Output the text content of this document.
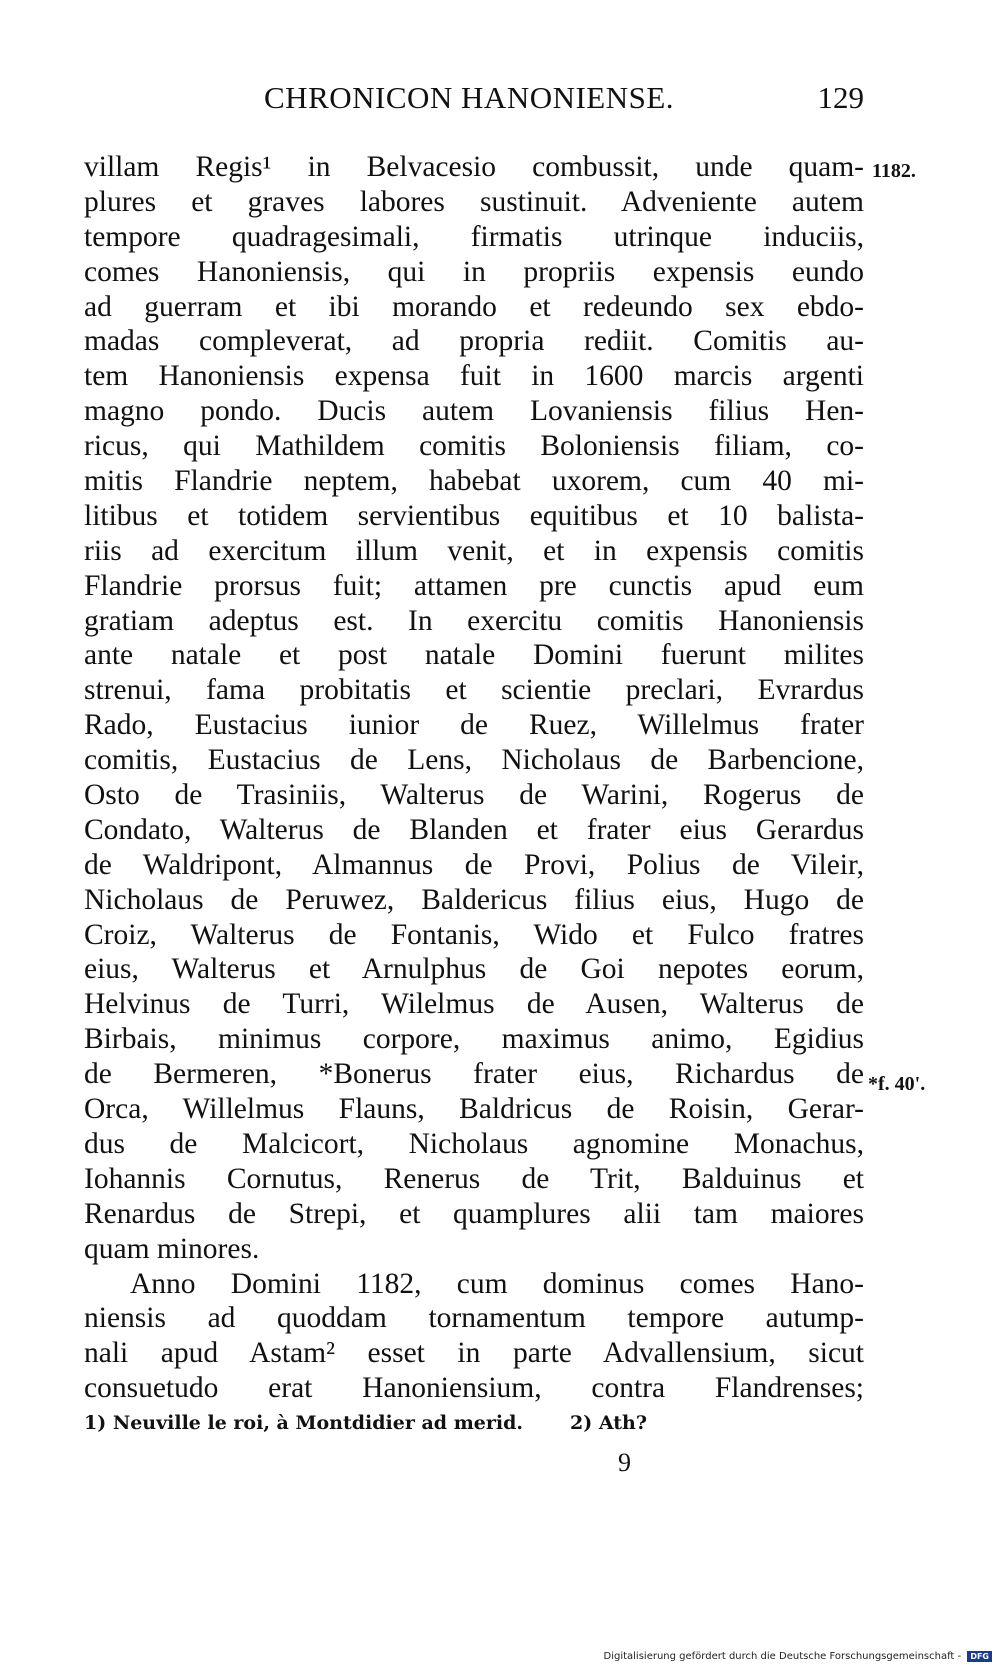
CHRONICON HANONIENSE.	129
villam Regis¹ in Belvacesio combussit, unde quam-
plures et graves labores sustinuit. Adveniente autem
tempore quadragesimali, firmatis utrinque induciis,
comes Hanoniensis, qui in propriis expensis eundo
ad guerram et ibi morando et redeundo sex ebdo-
madas compleverat, ad propria rediit. Comitis au-
tem Hanoniensis expensa fuit in 1600 marcis argenti
magno pondo. Ducis autem Lovaniensis filius Hen-
ricus, qui Mathildem comitis Boloniensis filiam, co-
mitis Flandrie neptem, habebat uxorem, cum 40 mi-
litibus et totidem servientibus equitibus et 10 balista-
riis ad exercitum illum venit, et in expensis comitis
Flandrie prorsus fuit; attamen pre cunctis apud eum
gratiam adeptus est. In exercitu comitis Hanoniensis
ante natale et post natale Domini fuerunt milites
strenui, fama probitatis et scientie preclari, Evrardus
Rado, Eustacius iunior de Ruez, Willelmus frater
comitis, Eustacius de Lens, Nicholaus de Barbencione,
Osto de Trasiniis, Walterus de Warini, Rogerus de
Condato, Walterus de Blanden et frater eius Gerardus
de Waldripont, Almannus de Provi, Polius de Vileir,
Nicholaus de Peruwez, Baldericus filius eius, Hugo de
Croiz, Walterus de Fontanis, Wido et Fulco fratres
eius, Walterus et Arnulphus de Goi nepotes eorum,
Helvinus de Turri, Wilelmus de Ausen, Walterus de
Birbais, minimus corpore, maximus animo, Egidius
de Bermeren, *Bonerus frater eius, Richardus de
Orca, Willelmus Flauns, Baldricus de Roisin, Gerar-
dus de Malcicort, Nicholaus agnomine Monachus,
Iohannis Cornutus, Renerus de Trit, Balduinus et
Renardus de Strepi, et quamplures alii tam maiores
quam minores.
Anno Domini 1182, cum dominus comes Hano-
niensis ad quoddam tornamentum tempore autump-
nali apud Astam² esset in parte Advallensium, sicut
consuetudo erat Hanoniensium, contra Flandrenses;
1182.
*f. 40'.
1) Neuville le roi, à Montdidier ad merid. 2) Ath?
9
Digitalisierung gefördert durch die Deutsche Forschungsgemeinschaft - DFG
